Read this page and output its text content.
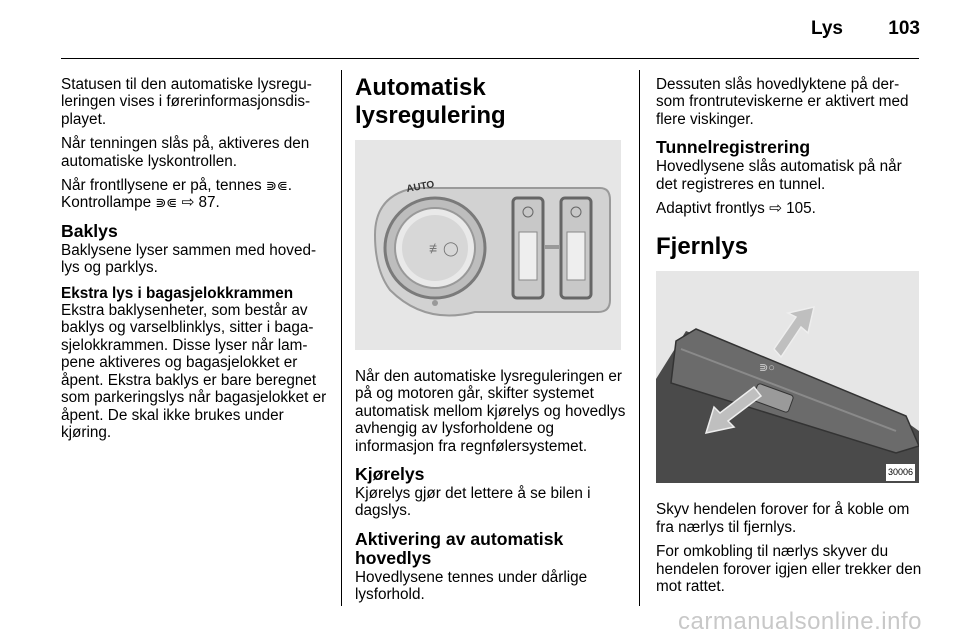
Lys 103

Statusen til den automatiske lysreguleringen vises i førerinformasjonsdisplayet.

Når tenningen slås på, aktiveres den automatiske lyskontrollen.

Når frontllysene er på, tennes ⋑⋐.
Kontrollampe ⋑⋐ ⇨ 87.

Baklys

Baklysene lyser sammen med hovedlys og parklys.

Ekstra lys i bagasjelokkrammen

Ekstra baklysenheter, som består av baklys og varselblinklys, sitter i bagasjelokkrammen. Disse lyser når lampene aktiveres og bagasjelokket er åpent. Ekstra baklys er bare beregnet som parkeringslys når bagasjelokket er åpent. De skal ikke brukes under kjøring.

Automatisk lysregulering
AUTO
≢◯

Når den automatiske lysreguleringen er på og motoren går, skifter systemet automatisk mellom kjørelys og hovedlys avhengig av lysforholdene og informasjon fra regnfølersystemet.

Kjørelys

Kjørelys gjør det lettere å se bilen i dagslys.

Aktivering av automatisk hovedlys

Hovedlysene tennes under dårlige lysforhold.

Dessuten slås hovedlyktene på dersom frontruteviskerne er aktivert med flere viskinger.

Tunnelregistrering

Hovedlysene slås automatisk på når det registreres en tunnel.

Adaptivt frontlys ⇨ 105.

Fjernlys
⋑○
30006

Skyv hendelen forover for å koble om fra nærlys til fjernlys.

For omkobling til nærlys skyver du hendelen forover igjen eller trekker den mot rattet.

carmanualsonline.info
